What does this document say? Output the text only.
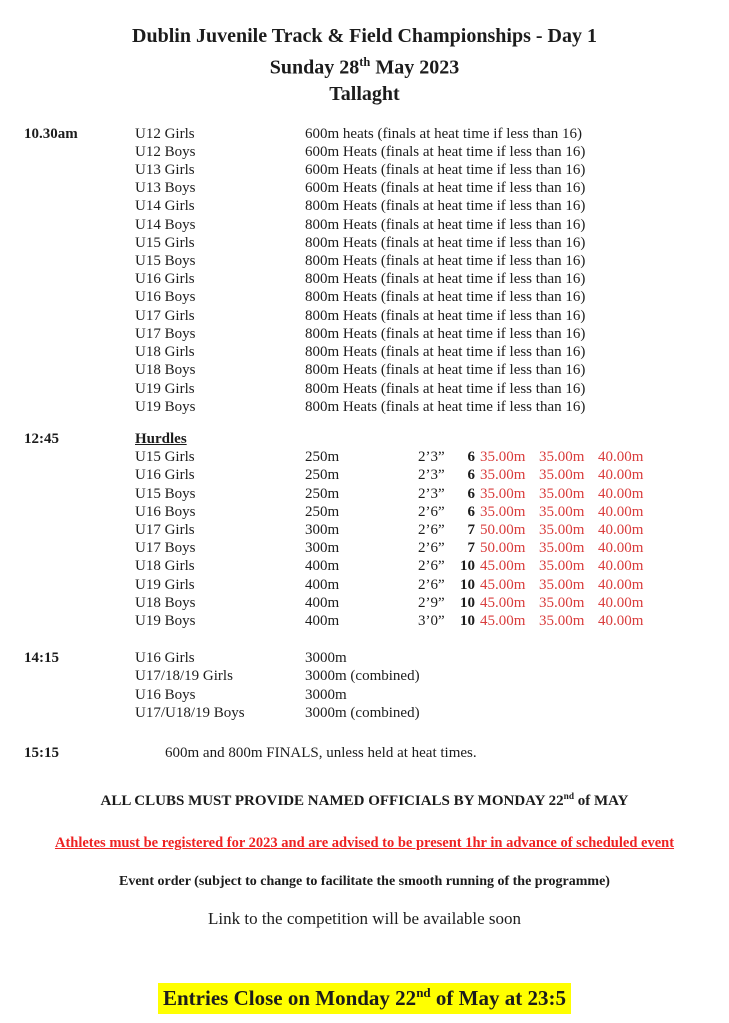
Dublin Juvenile Track & Field Championships - Day 1
Sunday 28th May 2023
Tallaght
10.30am	U12 Girls	600m heats (finals at heat time if less than 16)
U12 Boys	600m Heats (finals at heat time if less than 16)
U13 Girls	600m Heats (finals at heat time if less than 16)
U13 Boys	600m Heats (finals at heat time if less than 16)
U14 Girls	800m Heats (finals at heat time if less than 16)
U14 Boys	800m Heats (finals at heat time if less than 16)
U15 Girls	800m Heats (finals at heat time if less than 16)
U15 Boys	800m Heats (finals at heat time if less than 16)
U16 Girls	800m Heats (finals at heat time if less than 16)
U16 Boys	800m Heats (finals at heat time if less than 16)
U17 Girls	800m Heats (finals at heat time if less than 16)
U17 Boys	800m Heats (finals at heat time if less than 16)
U18 Girls	800m Heats (finals at heat time if less than 16)
U18 Boys	800m Heats (finals at heat time if less than 16)
U19 Girls	800m Heats (finals at heat time if less than 16)
U19 Boys	800m Heats (finals at heat time if less than 16)
12:45	Hurdles
U15 Girls	250m	2’3”	6 35.00m 35.00m 40.00m
U16 Girls	250m	2’3”	6 35.00m 35.00m 40.00m
U15 Boys	250m	2’3”	6 35.00m 35.00m 40.00m
U16 Boys	250m	2’6”	6 35.00m 35.00m 40.00m
U17 Girls	300m	2’6”	7 50.00m 35.00m 40.00m
U17 Boys	300m	2’6”	7 50.00m 35.00m 40.00m
U18 Girls	400m	2’6”	10 45.00m 35.00m 40.00m
U19 Girls	400m	2’6”	10 45.00m 35.00m 40.00m
U18 Boys	400m	2’9”	10 45.00m 35.00m 40.00m
U19 Boys	400m	3’0”	10 45.00m 35.00m 40.00m
14:15	U16 Girls	3000m
U17/18/19 Girls	3000m (combined)
U16 Boys	3000m
U17/U18/19 Boys	3000m (combined)
15:15	600m and 800m FINALS, unless held at heat times.
ALL CLUBS MUST PROVIDE NAMED OFFICIALS BY MONDAY 22nd of MAY
Athletes must be registered for 2023 and are advised to be present 1hr in advance of scheduled event
Event order (subject to change to facilitate the smooth running of the programme)
Link to the competition will be available soon
Entries Close on Monday 22nd of May at 23:5
